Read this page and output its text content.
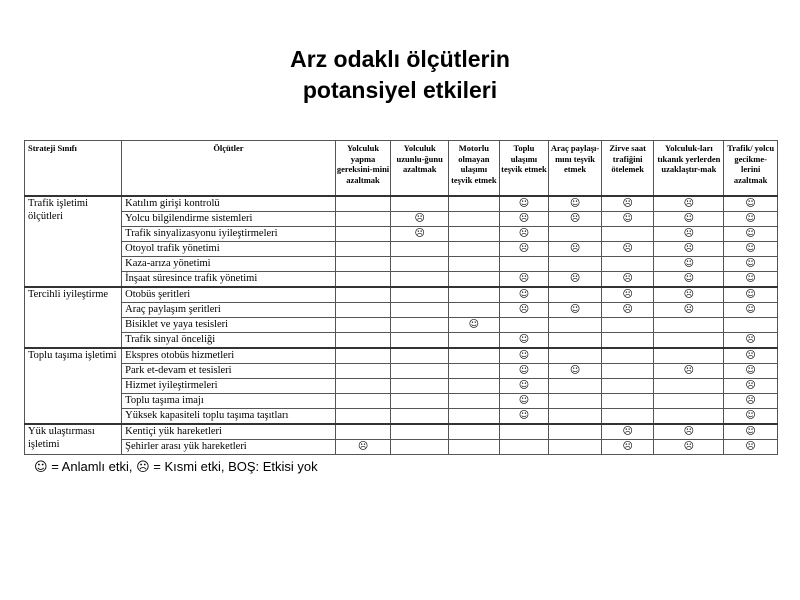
Arz odaklı ölçütlerin
potansiyel etkileri
Strateji Sınıfı	Ölçütler	Yolculuk yapma gereksini-mini azaltmak	Yolculuk uzunlu-ğunu azaltmak	Motorlu olmayan ulaşımı teşvik etmek	Toplu ulaşımı teşvik etmek	Araç paylaşı-mını teşvik etmek	Zirve saat trafiğini ötelemek	Yolculuk-ları tıkanık yerlerden uzaklaştır-mak	Trafik/ yolcu gecikme-lerini azaltmak
Trafik işletimi ölçütleri	Katılım girişi kontrolü				☺	☺	☹	☹	☺
	Yolcu bilgilendirme sistemleri		☹		☹	☹	☺	☺	☺
	Trafik sinyalizasyonu iyileştirmeleri		☹		☹			☹	☺
	Otoyol trafik yönetimi				☹	☹	☹	☹	☺
	Kaza-arıza yönetimi							☺	☺
	İnşaat süresince trafik yönetimi				☹	☹	☹	☺	☺
Tercihli iyileştirme	Otobüs şeritleri				☺		☹	☹	☺
	Araç paylaşım şeritleri				☹	☺	☹	☹	☺
	Bisiklet ve yaya tesisleri			☺					
	Trafik sinyal önceliği				☺				☹
Toplu taşıma işletimi	Ekspres otobüs hizmetleri				☺				☹
	Park et-devam et tesisleri				☺	☺		☹	☺
	Hizmet iyileştirmeleri				☺				☹
	Toplu taşıma imajı				☺				☹
	Yüksek kapasiteli toplu taşıma taşıtları				☺				☺
Yük ulaştırması işletimi	Kentiçi yük hareketleri						☹	☹	☺
	Şehirler arası yük hareketleri	☹					☹	☹	☹
☺ = Anlamlı etki, ☹ = Kısmi etki, BOŞ: Etkisi yok
